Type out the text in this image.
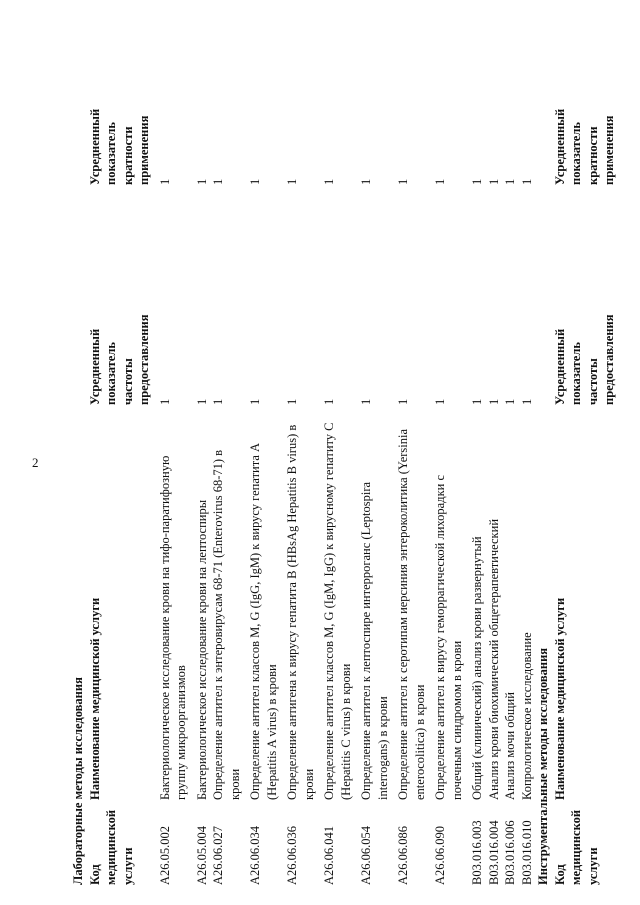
2
Лабораторные методы исследования Код
Наименование медицинской услуги
Усредненный
Усредненный
медицинской
показатель
показатель
услуги
частоты
кратности
предоставления
применения
A26.05.002
1
1
Бактериологическое исследование крови на тифо-паратифозную группу микроорганизмов
A26.05.004
1
1
Бактериологическое исследование крови на лептоспиры
A26.06.027
1
1
Определение антител к энтеровирусам 68-71 (Enterovirus 68-71) в крови
A26.06.034
1
1
Определение антител классов M, G (IgG, IgM) к вирусу гепатита A (Hepatitis A virus) в крови
A26.06.036
1
1
Определение антигена к вирусу гепатита B (HBsAg Hepatitis B virus) в крови
A26.06.041
1
1
Определение антител классов M, G (IgM, IgG) к вирусному гепатиту C (Hepatitis C virus) в крови
A26.06.054
1
1
Определение антител к лептоспире интерроганс (Leptospira interrogans) в крови
A26.06.086
1
1
Определение антител к серотипам иерсиния энтероколитика (Yersinia enterocolitica) в крови
A26.06.090
1
1
Определение антител к вирусу геморрагической лихорадки с почечным синдромом в крови
B03.016.003
1
1
Общий (клинический) анализ крови развернутый
B03.016.004
1
1
Анализ крови биохимический общетерапевтический
B03.016.006
1
1
Анализ мочи общий
B03.016.010
1
1
Копрологическое исследование Инструментальные методы исследования Код
Наименование медицинской услуги
Усредненный
Усредненный
медицинской
показатель
показатель
услуги
частоты
кратности
предоставления
применения
